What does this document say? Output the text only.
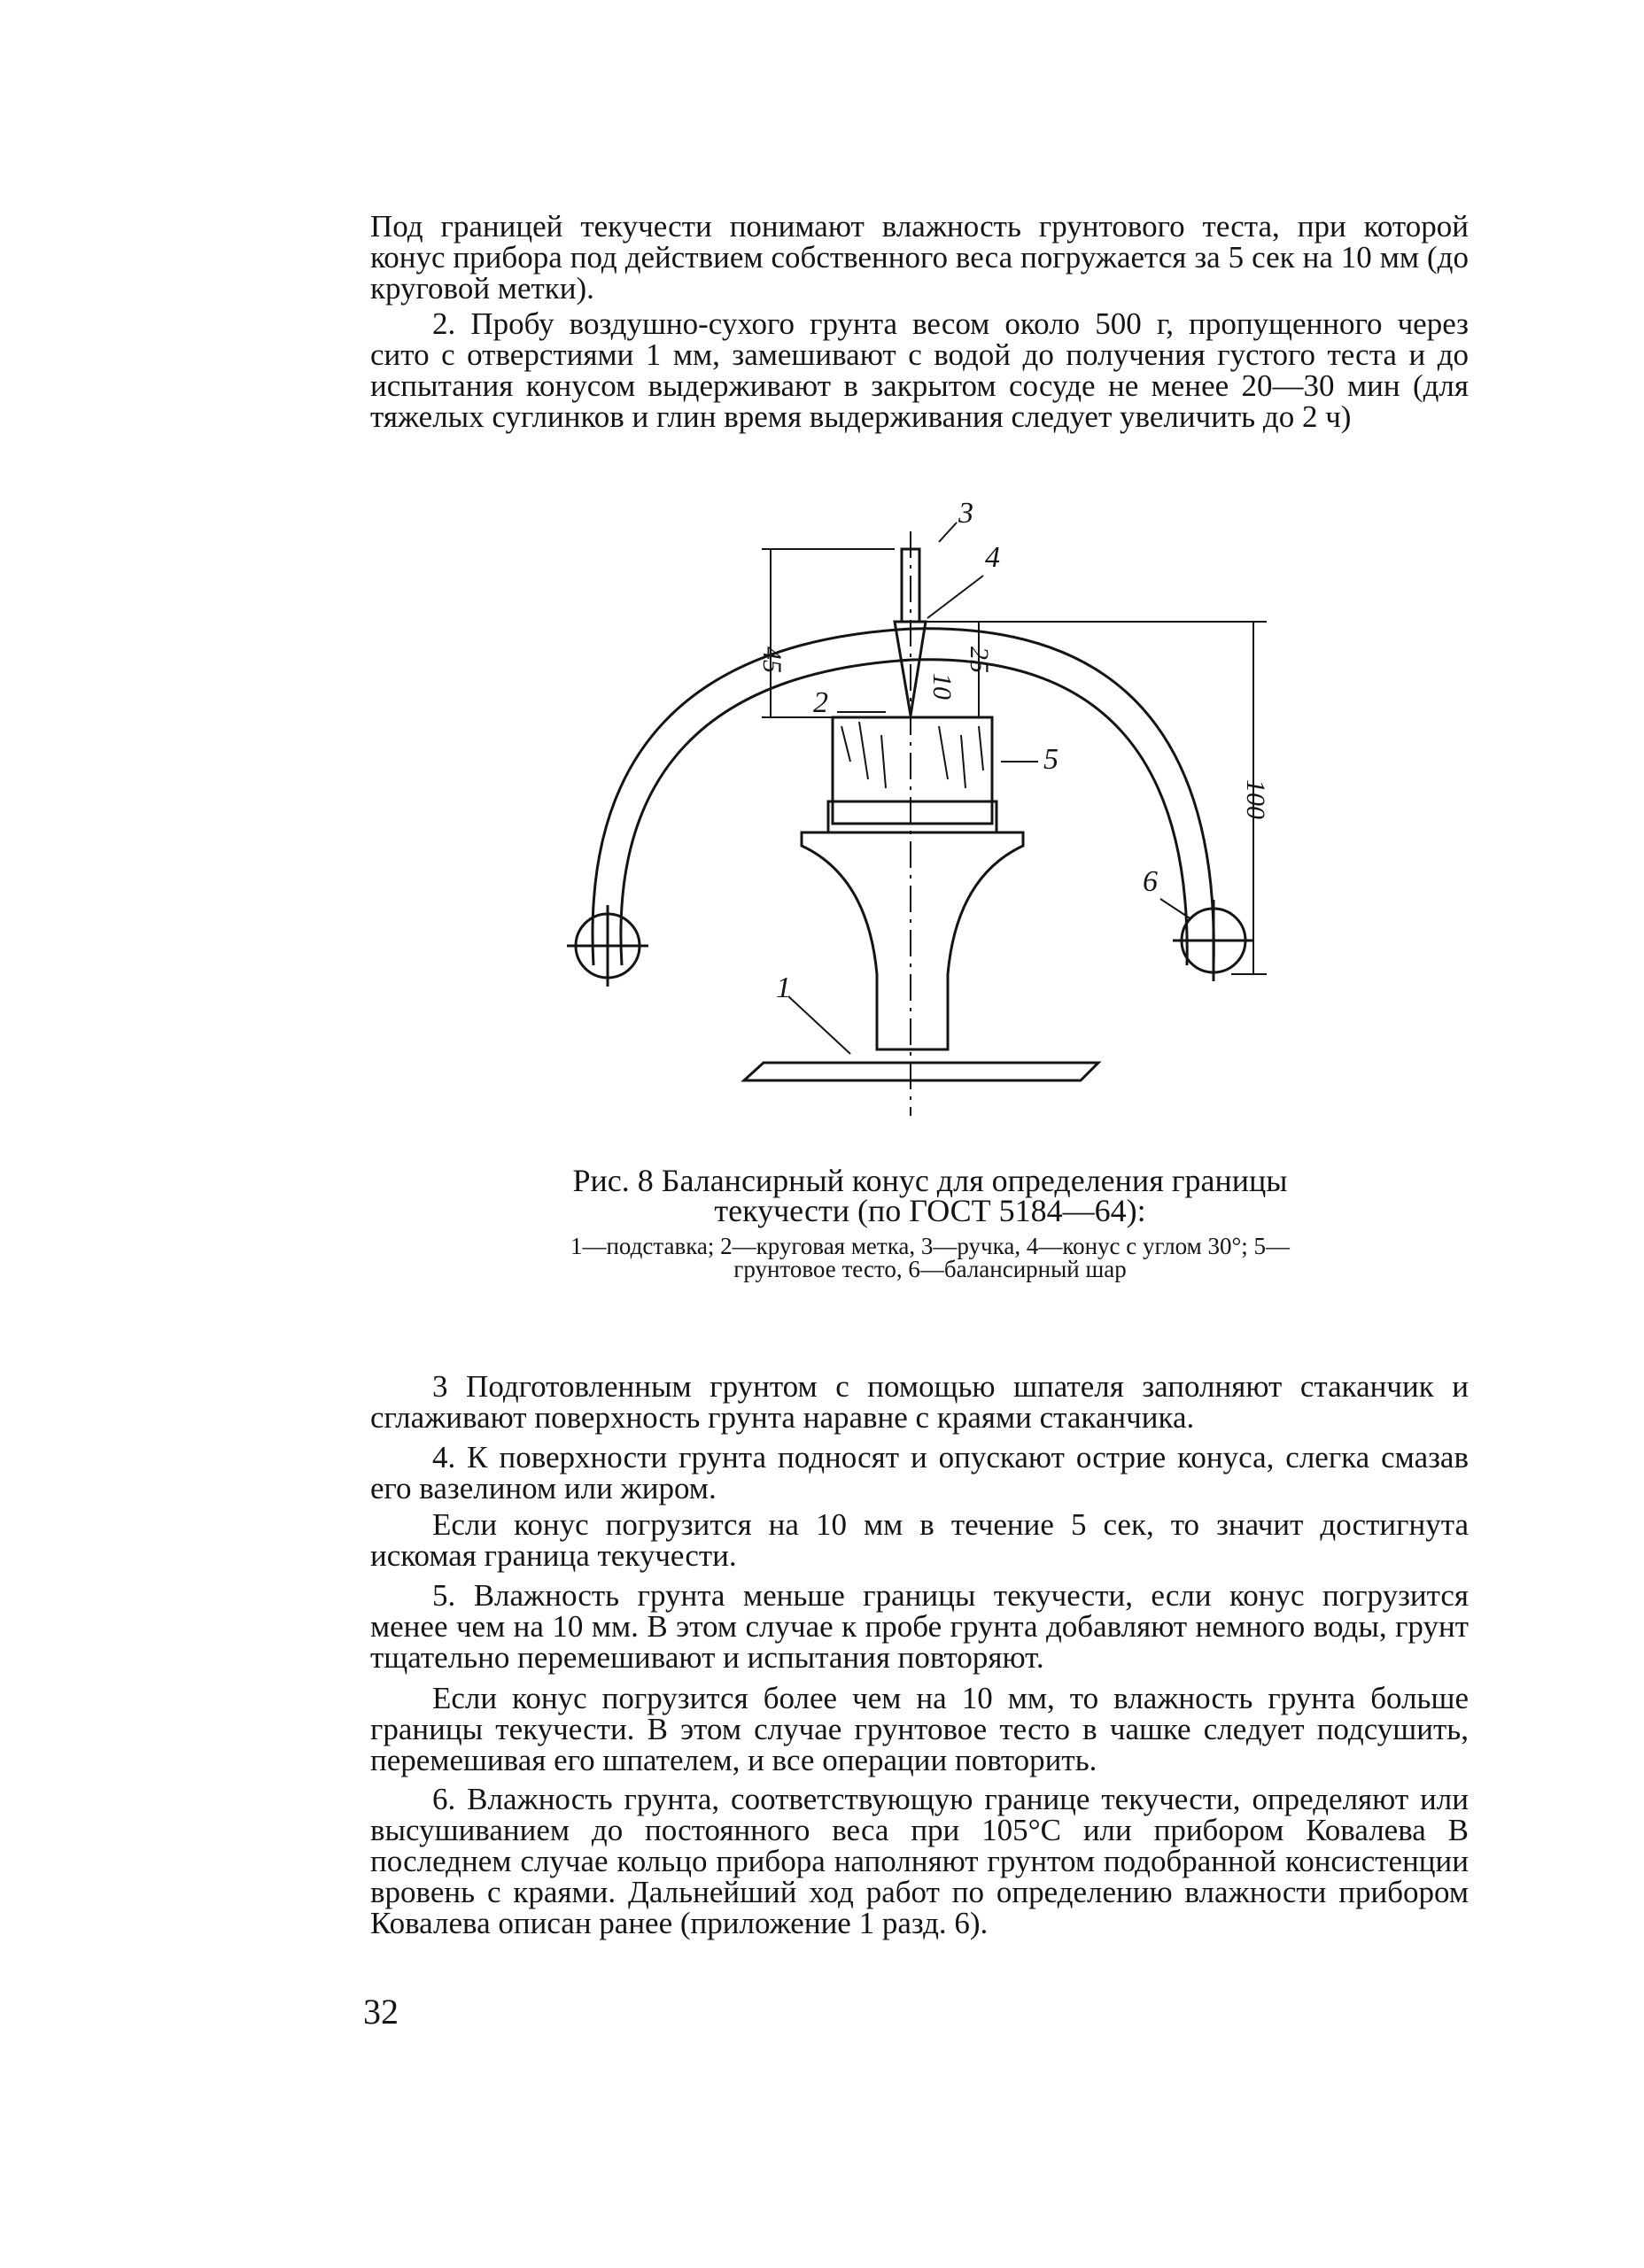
Под границей текучести понимают влажность грунтового теста, при которой конус прибора под действием собственного веса погружается за 5 сек на 10 мм (до круговой метки).

2. Пробу воздушно-сухого грунта весом около 500 г, пропущенного через сито с отверстиями 1 мм, замешивают с водой до получения густого теста и до испытания конусом выдерживают в закрытом сосуде не менее 20—30 мин (для тяжелых суглинков и глин время выдерживания следует увеличить до 2 ч)

3
4
5
6
1
2
45	25
10
100

Рис. 8 Балансирный конус для определения границы текучести (по ГОСТ 5184—64):

1—подставка; 2—круговая метка, 3—ручка, 4—конус с углом 30°; 5—грунтовое тесто, 6—балансирный шар

3 Подготовленным грунтом с помощью шпателя заполняют стаканчик и сглаживают поверхность грунта наравне с краями стаканчика.

4. К поверхности грунта подносят и опускают острие конуса, слегка смазав его вазелином или жиром.

Если конус погрузится на 10 мм в течение 5 сек, то значит достигнута искомая граница текучести.

5. Влажность грунта меньше границы текучести, если конус погрузится менее чем на 10 мм. В этом случае к пробе грунта добавляют немного воды, грунт тщательно перемешивают и испытания повторяют.

Если конус погрузится более чем на 10 мм, то влажность грунта больше границы текучести. В этом случае грунтовое тесто в чашке следует подсушить, перемешивая его шпателем, и все операции повторить.

6. Влажность грунта, соответствующую границе текучести, определяют или высушиванием до постоянного веса при 105°С или прибором Ковалева В последнем случае кольцо прибора наполняют грунтом подобранной консистенции вровень с краями. Дальнейший ход работ по определению влажности прибором Ковалева описан ранее (приложение 1 разд. 6).

32
